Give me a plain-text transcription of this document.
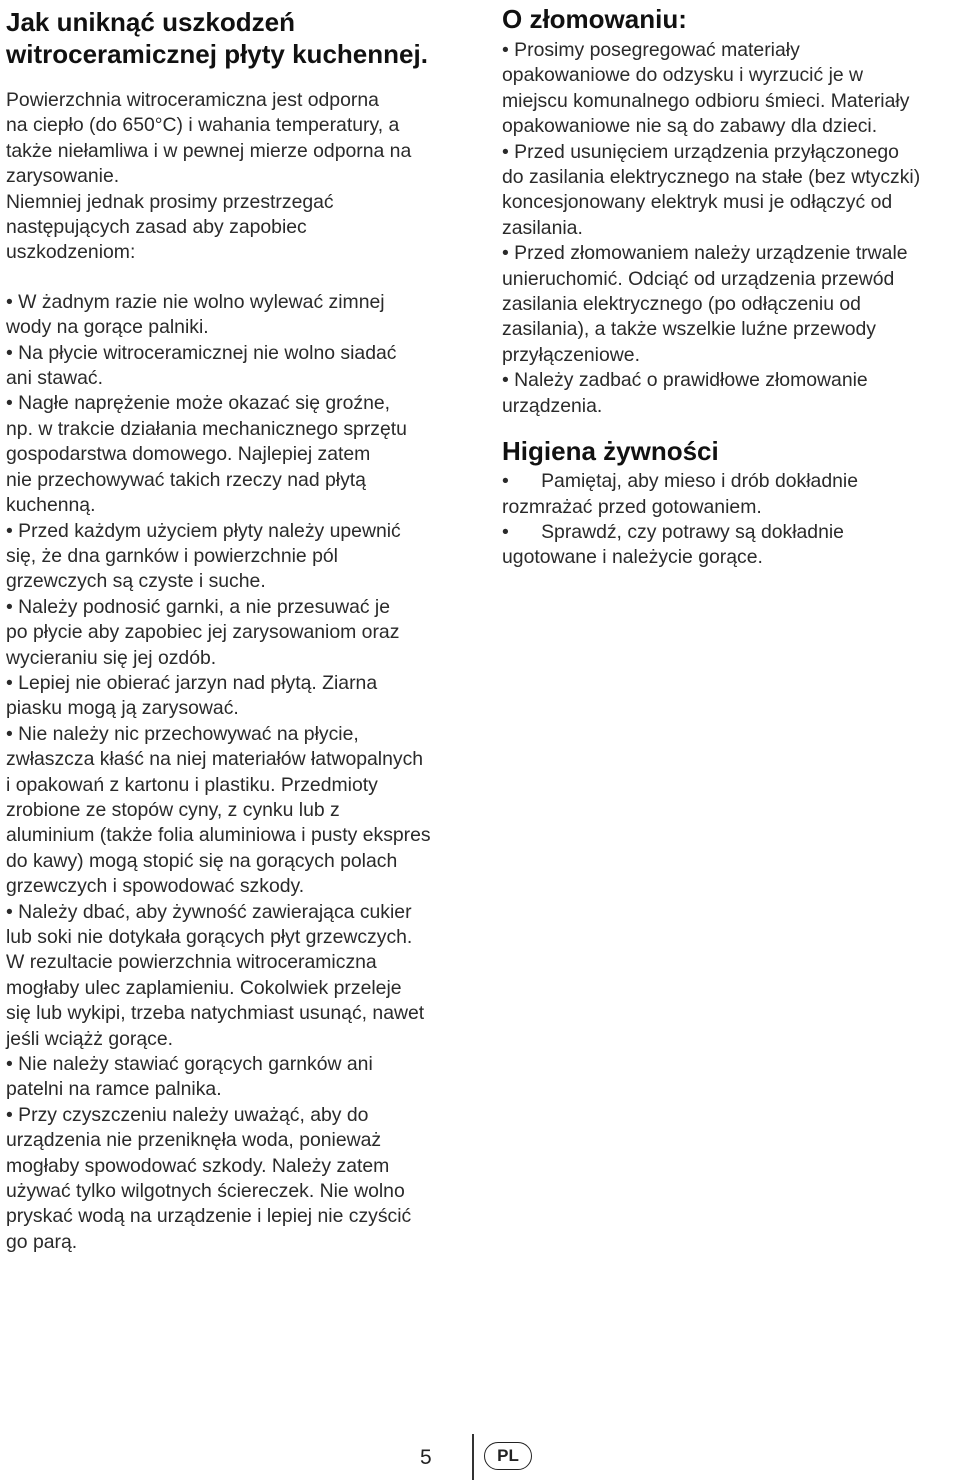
Jak uniknąć uszkodzeń
witroceramicznej płyty kuchennej.

Powierzchnia witroceramiczna jest odporna

na ciepło (do 650°C) i wahania temperatury, a

także niełamliwa i w pewnej mierze odporna na

zarysowanie.

Niemniej jednak prosimy przestrzegać

następujących zasad aby zapobiec

uszkodzeniom:

• W żadnym razie nie wolno wylewać zimnej

wody na gorące palniki.

• Na płycie witroceramicznej nie wolno siadać

ani stawać.

• Nagłe naprężenie może okazać się groźne,

np. w trakcie działania mechanicznego sprzętu

gospodarstwa domowego. Najlepiej zatem

nie przechowywać takich rzeczy nad płytą

kuchenną.

• Przed każdym użyciem płyty należy upewnić

się, że dna garnków i powierzchnie pól

grzewczych są czyste i suche.

• Należy podnosić garnki, a nie przesuwać je

po płycie aby zapobiec jej zarysowaniom oraz

wycieraniu się jej ozdób.

• Lepiej nie obierać jarzyn nad płytą. Ziarna

piasku mogą ją zarysować.

• Nie należy nic przechowywać na płycie,

zwłaszcza kłaść na niej materiałów łatwopalnych

i opakowań z kartonu i plastiku. Przedmioty

zrobione ze stopów cyny, z cynku lub z

aluminium (także folia aluminiowa i pusty ekspres

do kawy) mogą stopić się na gorących polach

grzewczych i spowodować szkody.

• Należy dbać, aby żywność zawierająca cukier

lub soki nie dotykała gorących płyt grzewczych.

W rezultacie powierzchnia witroceramiczna

mogłaby ulec zaplamieniu. Cokolwiek przeleje

się lub wykipi, trzeba natychmiast usunąć, nawet

jeśli wciążż gorące.

• Nie należy stawiać gorących garnków ani

patelni na ramce palnika.

• Przy czyszczeniu należy uważąć, aby do

urządzenia nie przeniknęła woda, ponieważ

mogłaby spowodować szkody. Należy zatem

używać tylko wilgotnych ściereczek. Nie wolno

pryskać wodą na urządzenie i lepiej nie czyścić

go parą.

O złomowaniu:

• Prosimy posegregować materiały

opakowaniowe do odzysku i wyrzucić je w

miejscu komunalnego odbioru śmieci. Materiały

opakowaniowe nie są do zabawy dla dzieci.

• Przed usunięciem urządzenia przyłączonego

do zasilania elektrycznego na stałe (bez wtyczki)

koncesjonowany elektryk musi je odłączyć od

zasilania.

• Przed złomowaniem należy urządzenie trwale

unieruchomić. Odciąć od urządzenia przewód

zasilania elektrycznego (po odłączeniu od

zasilania), a także wszelkie luźne przewody

przyłączeniowe.

• Należy zadbać o prawidłowe złomowanie

urządzenia.

Higiena żywności

•      Pamiętaj, aby mieso i drób dokładnie

rozmrażać przed gotowaniem.

•      Sprawdź, czy potrawy są dokładnie

ugotowane i należycie gorące.

5	PL
